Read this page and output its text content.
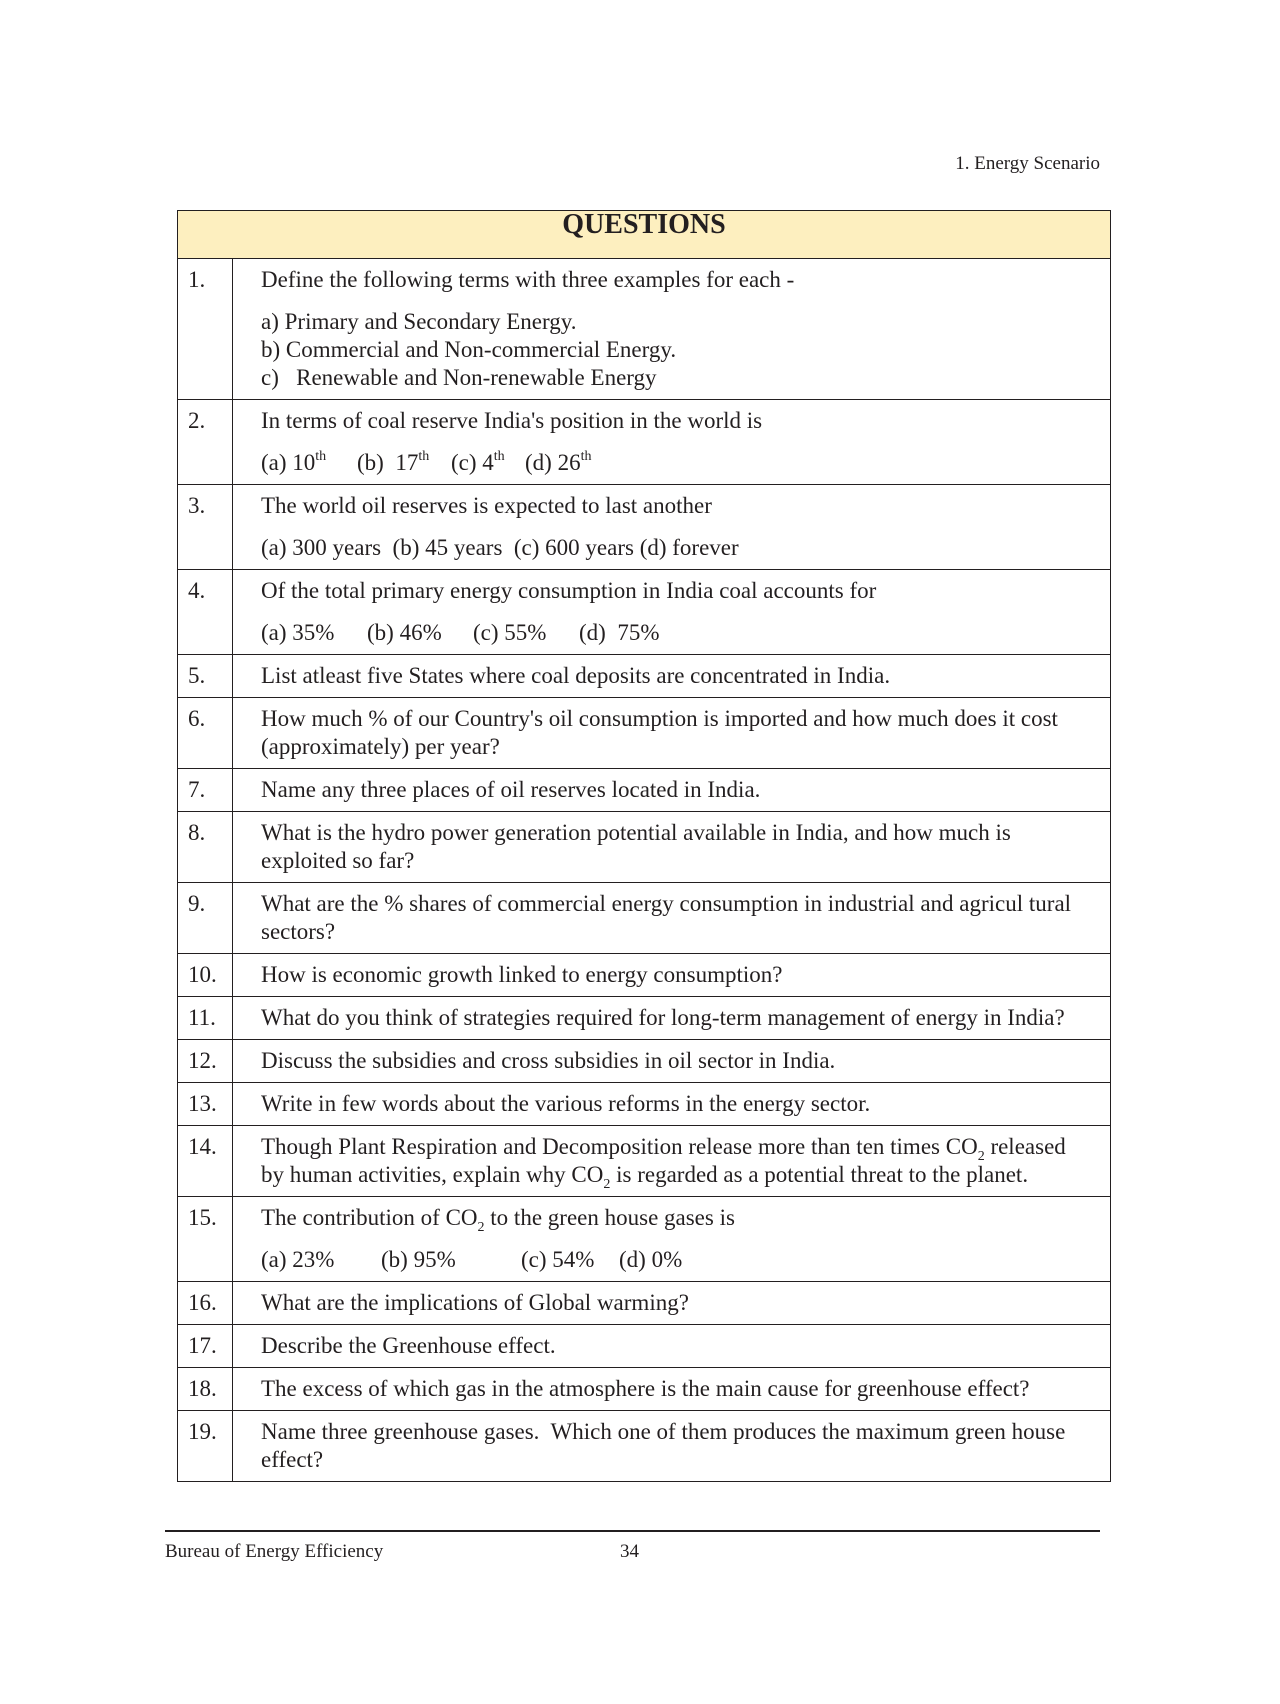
1. Energy Scenario
QUESTIONS	
1.	Define the following terms with three examples for each -
a) Primary and Secondary Energy.
b) Commercial and Non-commercial Energy.
c)   Renewable and Non-renewable Energy

2.	In terms of coal reserve India's position in the world is
(a) 10th (b)  17th (c) 4th (d) 26th

3.	The world oil reserves is expected to last another
(a) 300 years  (b) 45 years  (c) 600 years (d) forever

4.	Of the total primary energy consumption in India coal accounts for
(a) 35% (b) 46% (c) 55% (d)  75%

5.	List atleast five States where coal deposits are concentrated in India.
6.	How much % of our Country's oil consumption is imported and how much does it cost (approximately) per year?
7.	Name any three places of oil reserves located in India.
8.	What is the hydro power generation potential available in India, and how much is exploited so far?
9.	What are the % shares of commercial energy consumption in industrial and agricul tural sectors?
10.	How is economic growth linked to energy consumption?
11.	What do you think of strategies required for long-term management of energy in India?
12.	Discuss the subsidies and cross subsidies in oil sector in India.
13.	Write in few words about the various reforms in the energy sector.
14.	Though Plant Respiration and Decomposition release more than ten times $CO_2$ released by human activities, explain why $CO_2$ is regarded as a potential threat to the planet.
15.	The contribution of $CO_2$ to the green house gases is
(a) 23% (b) 95% (c) 54% (d) 0%

16.	What are the implications of Global warming?
17.	Describe the Greenhouse effect.
18.	The excess of which gas in the atmosphere is the main cause for greenhouse effect?
19.	Name three greenhouse gases.  Which one of them produces the maximum green house effect?
Bureau of Energy Efficiency	34
